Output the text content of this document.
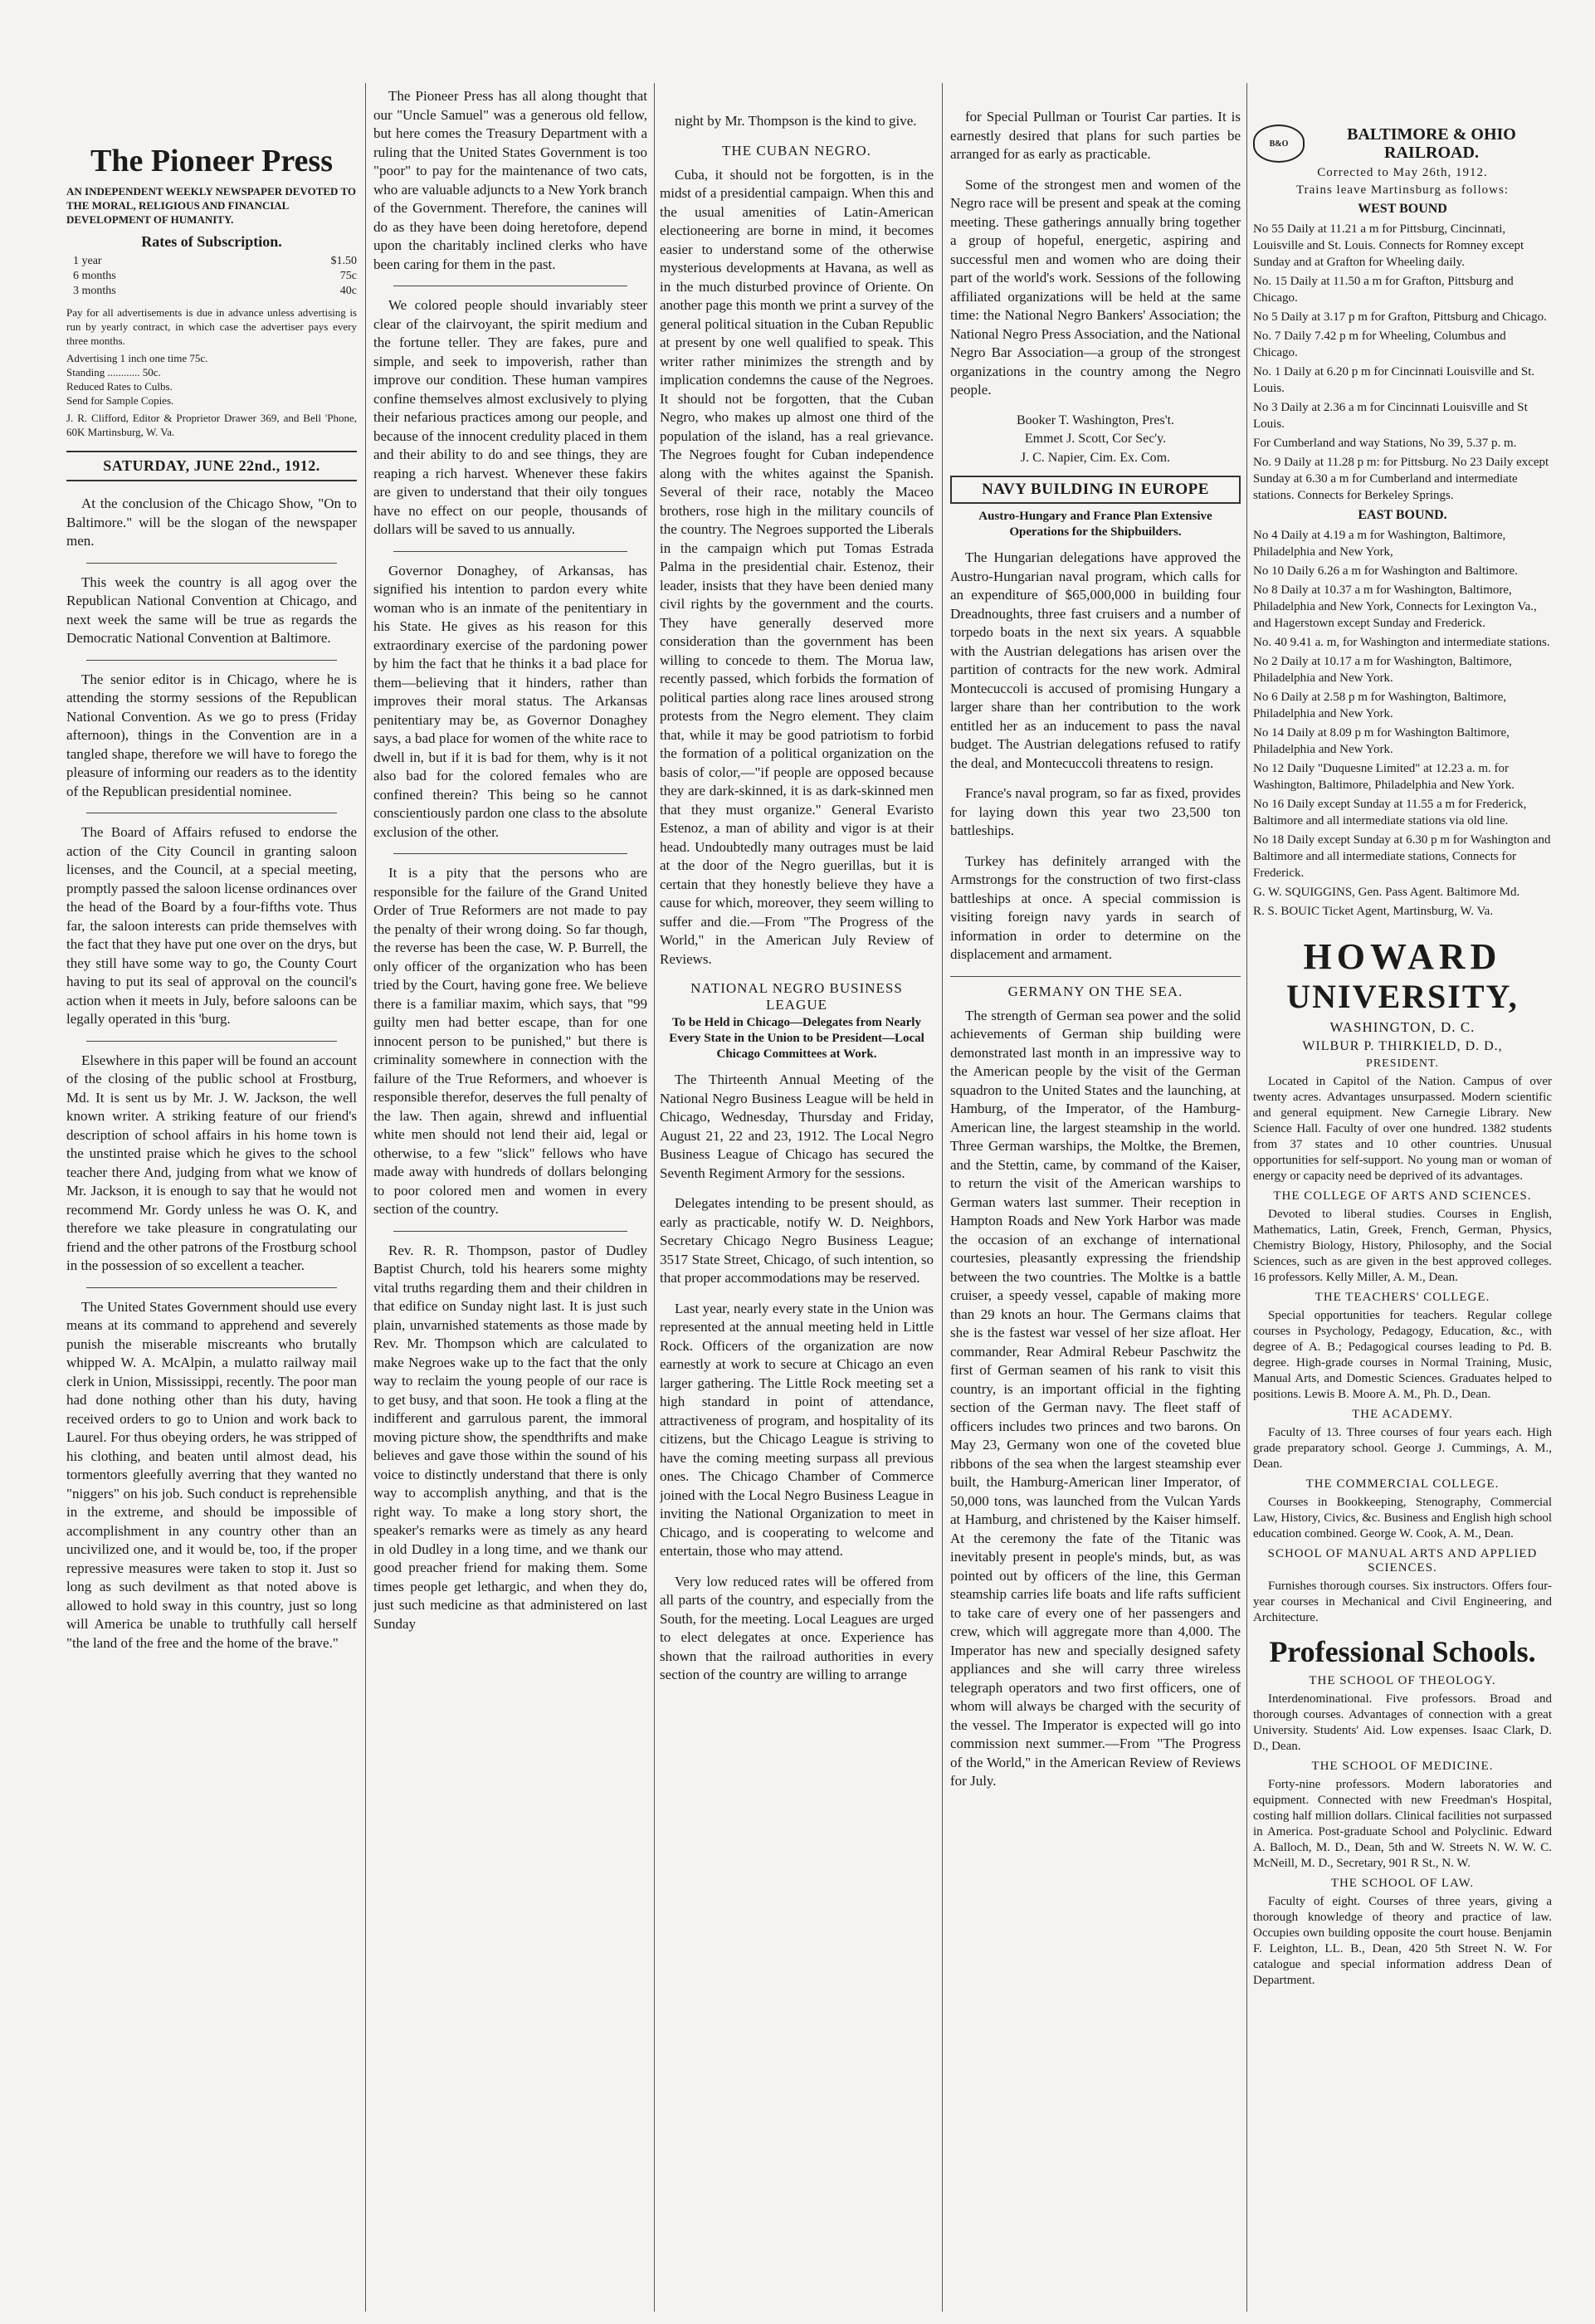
The Pioneer Press
AN INDEPENDENT WEEKLY NEWSPAPER DEVOTED TO THE MORAL, RELIGIOUS AND FINANCIAL DEVELOPMENT OF HUMANITY.
Rates of Subscription.
1 year	$1.50
6 months	75c
3 months	40c

Pay for all advertisements is due in advance unless advertising is run by yearly contract, in which case the advertiser pays every three months.

Advertising 1 inch one time 75c.

Standing ............ 50c.

Reduced Rates to Culbs.

Send for Sample Copies.

J. R. Clifford, Editor & Proprietor Drawer 369, and Bell 'Phone, 60K Martinsburg, W. Va.

SATURDAY, JUNE 22nd., 1912.

At the conclusion of the Chicago Show, "On to Baltimore." will be the slogan of the newspaper men.

This week the country is all agog over the Republican National Convention at Chicago, and next week the same will be true as regards the Democratic National Convention at Baltimore.

The senior editor is in Chicago, where he is attending the stormy sessions of the Republican National Convention. As we go to press (Friday afternoon), things in the Convention are in a tangled shape, therefore we will have to forego the pleasure of informing our readers as to the identity of the Republican presidential nominee.

The Board of Affairs refused to endorse the action of the City Council in granting saloon licenses, and the Council, at a special meeting, promptly passed the saloon license ordinances over the head of the Board by a four-fifths vote. Thus far, the saloon interests can pride themselves with the fact that they have put one over on the drys, but they still have some way to go, the County Court having to put its seal of approval on the council's action when it meets in July, before saloons can be legally operated in this 'burg.

Elsewhere in this paper will be found an account of the closing of the public school at Frostburg, Md. It is sent us by Mr. J. W. Jackson, the well known writer. A striking feature of our friend's description of school affairs in his home town is the unstinted praise which he gives to the school teacher there And, judging from what we know of Mr. Jackson, it is enough to say that he would not recommend Mr. Gordy unless he was O. K, and therefore we take pleasure in congratulating our friend and the other patrons of the Frostburg school in the possession of so excellent a teacher.

The United States Government should use every means at its command to apprehend and severely punish the miserable miscreants who brutally whipped W. A. McAlpin, a mulatto railway mail clerk in Union, Mississippi, recently. The poor man had done nothing other than his duty, having received orders to go to Union and work back to Laurel. For thus obeying orders, he was stripped of his clothing, and beaten until almost dead, his tormentors gleefully averring that they wanted no "niggers" on his job. Such conduct is reprehensible in the extreme, and should be impossible of accomplishment in any country other than an uncivilized one, and it would be, too, if the proper repressive measures were taken to stop it. Just so long as such devilment as that noted above is allowed to hold sway in this country, just so long will America be unable to truthfully call herself "the land of the free and the home of the brave."

The Pioneer Press has all along thought that our "Uncle Samuel" was a generous old fellow, but here comes the Treasury Department with a ruling that the United States Government is too "poor" to pay for the maintenance of two cats, who are valuable adjuncts to a New York branch of the Government. Therefore, the canines will do as they have been doing heretofore, depend upon the charitably inclined clerks who have been caring for them in the past.

We colored people should invariably steer clear of the clairvoyant, the spirit medium and the fortune teller. They are fakes, pure and simple, and seek to impoverish, rather than improve our condition. These human vampires confine themselves almost exclusively to plying their nefarious practices among our people, and because of the innocent credulity placed in them and their ability to do and see things, they are reaping a rich harvest. Whenever these fakirs are given to understand that their oily tongues have no effect on our people, thousands of dollars will be saved to us annually.

Governor Donaghey, of Arkansas, has signified his intention to pardon every white woman who is an inmate of the penitentiary in his State. He gives as his reason for this extraordinary exercise of the pardoning power by him the fact that he thinks it a bad place for them—believing that it hinders, rather than improves their moral status. The Arkansas penitentiary may be, as Governor Donaghey says, a bad place for women of the white race to dwell in, but if it is bad for them, why is it not also bad for the colored females who are confined therein? This being so he cannot conscientiously pardon one class to the absolute exclusion of the other.

It is a pity that the persons who are responsible for the failure of the Grand United Order of True Reformers are not made to pay the penalty of their wrong doing. So far though, the reverse has been the case, W. P. Burrell, the only officer of the organization who has been tried by the Court, having gone free. We believe there is a familiar maxim, which says, that "99 guilty men had better escape, than for one innocent person to be punished," but there is criminality somewhere in connection with the failure of the True Reformers, and whoever is responsible therefor, deserves the full penalty of the law. Then again, shrewd and influential white men should not lend their aid, legal or otherwise, to a few "slick" fellows who have made away with hundreds of dollars belonging to poor colored men and women in every section of the country.

Rev. R. R. Thompson, pastor of Dudley Baptist Church, told his hearers some mighty vital truths regarding them and their children in that edifice on Sunday night last. It is just such plain, unvarnished statements as those made by Rev. Mr. Thompson which are calculated to make Negroes wake up to the fact that the only way to reclaim the young people of our race is to get busy, and that soon. He took a fling at the indifferent and garrulous parent, the immoral moving picture show, the spendthrifts and make believes and gave those within the sound of his voice to distinctly understand that there is only way to accomplish anything, and that is the right way. To make a long story short, the speaker's remarks were as timely as any heard in old Dudley in a long time, and we thank our good preacher friend for making them. Some times people get lethargic, and when they do, just such medicine as that administered on last Sunday

night by Mr. Thompson is the kind to give.

THE CUBAN NEGRO.

Cuba, it should not be forgotten, is in the midst of a presidential campaign. When this and the usual amenities of Latin-American electioneering are borne in mind, it becomes easier to understand some of the otherwise mysterious developments at Havana, as well as in the much disturbed province of Oriente. On another page this month we print a survey of the general political situation in the Cuban Republic at present by one well qualified to speak. This writer rather minimizes the strength and by implication condemns the cause of the Negroes. It should not be forgotten, that the Cuban Negro, who makes up almost one third of the population of the island, has a real grievance. The Negroes fought for Cuban independence along with the whites against the Spanish. Several of their race, notably the Maceo brothers, rose high in the military councils of the country. The Negroes supported the Liberals in the campaign which put Tomas Estrada Palma in the presidential chair. Estenoz, their leader, insists that they have been denied many civil rights by the government and the courts. They have generally deserved more consideration than the government has been willing to concede to them. The Morua law, recently passed, which forbids the formation of political parties along race lines aroused strong protests from the Negro element. They claim that, while it may be good patriotism to forbid the formation of a political organization on the basis of color,—"if people are opposed because they are dark-skinned, it is as dark-skinned men that they must organize." General Evaristo Estenoz, a man of ability and vigor is at their head. Undoubtedly many outrages must be laid at the door of the Negro guerillas, but it is certain that they honestly believe they have a cause for which, moreover, they seem willing to suffer and die.—From "The Progress of the World," in the American July Review of Reviews.

NATIONAL NEGRO BUSINESS LEAGUE
To be Held in Chicago—Delegates from Nearly Every State in the Union to be President—Local Chicago Committees at Work.

The Thirteenth Annual Meeting of the National Negro Business League will be held in Chicago, Wednesday, Thursday and Friday, August 21, 22 and 23, 1912. The Local Negro Business League of Chicago has secured the Seventh Regiment Armory for the sessions.

Delegates intending to be present should, as early as practicable, notify W. D. Neighbors, Secretary Chicago Negro Business League; 3517 State Street, Chicago, of such intention, so that proper accommodations may be reserved.

Last year, nearly every state in the Union was represented at the annual meeting held in Little Rock. Officers of the organization are now earnestly at work to secure at Chicago an even larger gathering. The Little Rock meeting set a high standard in point of attendance, attractiveness of program, and hospitality of its citizens, but the Chicago League is striving to have the coming meeting surpass all previous ones. The Chicago Chamber of Commerce joined with the Local Negro Business League in inviting the National Organization to meet in Chicago, and is cooperating to welcome and entertain, those who may attend.

Very low reduced rates will be offered from all parts of the country, and especially from the South, for the meeting. Local Leagues are urged to elect delegates at once. Experience has shown that the railroad authorities in every section of the country are willing to arrange

for Special Pullman or Tourist Car parties. It is earnestly desired that plans for such parties be arranged for as early as practicable.

Some of the strongest men and women of the Negro race will be present and speak at the coming meeting. These gatherings annually bring together a group of hopeful, energetic, aspiring and successful men and women who are doing their part of the world's work. Sessions of the following affiliated organizations will be held at the same time: the National Negro Bankers' Association; the National Negro Press Association, and the National Negro Bar Association—a group of the strongest organizations in the country among the Negro people.

Booker T. Washington, Pres't.

Emmet J. Scott, Cor Sec'y.

J. C. Napier, Cim. Ex. Com.

NAVY BUILDING IN EUROPE
Austro-Hungary and France Plan Extensive Operations for the Shipbuilders.

The Hungarian delegations have approved the Austro-Hungarian naval program, which calls for an expenditure of $65,000,000 in building four Dreadnoughts, three fast cruisers and a number of torpedo boats in the next six years. A squabble with the Austrian delegations has arisen over the partition of contracts for the new work. Admiral Montecuccoli is accused of promising Hungary a larger share than her contribution to the work entitled her as an inducement to pass the naval budget. The Austrian delegations refused to ratify the deal, and Montecuccoli threatens to resign.

France's naval program, so far as fixed, provides for laying down this year two 23,500 ton battleships.

Turkey has definitely arranged with the Armstrongs for the construction of two first-class battleships at once. A special commission is visiting foreign navy yards in search of information in order to determine on the displacement and armament.

GERMANY ON THE SEA.

The strength of German sea power and the solid achievements of German ship building were demonstrated last month in an impressive way to the American people by the visit of the German squadron to the United States and the launching, at Hamburg, of the Imperator, of the Hamburg-American line, the largest steamship in the world. Three German warships, the Moltke, the Bremen, and the Stettin, came, by command of the Kaiser, to return the visit of the American warships to German waters last summer. Their reception in Hampton Roads and New York Harbor was made the occasion of an exchange of international courtesies, pleasantly expressing the friendship between the two countries. The Moltke is a battle cruiser, a speedy vessel, capable of making more than 29 knots an hour. The Germans claims that she is the fastest war vessel of her size afloat. Her commander, Rear Admiral Rebeur Paschwitz the first of German seamen of his rank to visit this country, is an important official in the fighting section of the German navy. The fleet staff of officers includes two princes and two barons. On May 23, Germany won one of the coveted blue ribbons of the sea when the largest steamship ever built, the Hamburg-American liner Imperator, of 50,000 tons, was launched from the Vulcan Yards at Hamburg, and christened by the Kaiser himself. At the ceremony the fate of the Titanic was inevitably present in people's minds, but, as was pointed out by officers of the line, this German steamship carries life boats and life rafts sufficient to take care of every one of her passengers and crew, which will aggregate more than 4,000. The Imperator has new and specially designed safety appliances and she will carry three wireless telegraph operators and two first officers, one of whom will always be charged with the security of the vessel. The Imperator is expected will go into commission next summer.—From "The Progress of the World," in the American Review of Reviews for July.

B&O	BALTIMORE & OHIO RAILROAD.
Corrected to May 26th, 1912.
Trains leave Martinsburg as follows:
WEST BOUND

No 55 Daily at 11.21 a m for Pittsburg, Cincinnati, Louisville and St. Louis. Connects for Romney except Sunday and at Grafton for Wheeling daily.

No. 15 Daily at 11.50 a m for Grafton, Pittsburg and Chicago.

No 5 Daily at 3.17 p m for Grafton, Pittsburg and Chicago.

No. 7 Daily 7.42 p m for Wheeling, Columbus and Chicago.

No. 1 Daily at 6.20 p m for Cincinnati Louisville and St. Louis.

No 3 Daily at 2.36 a m for Cincinnati Louisville and St Louis.

For Cumberland and way Stations, No 39, 5.37 p. m.

No. 9 Daily at 11.28 p m: for Pittsburg. No 23 Daily except Sunday at 6.30 a m for Cumberland and intermediate stations. Connects for Berkeley Springs.

EAST BOUND.

No 4 Daily at 4.19 a m for Washington, Baltimore, Philadelphia and New York,

No 10 Daily 6.26 a m for Washington and Baltimore.

No 8 Daily at 10.37 a m for Washington, Baltimore, Philadelphia and New York, Connects for Lexington Va., and Hagerstown except Sunday and Frederick.

No. 40 9.41 a. m, for Washington and intermediate stations.

No 2 Daily at 10.17 a m for Washington, Baltimore, Philadelphia and New York.

No 6 Daily at 2.58 p m for Washington, Baltimore, Philadelphia and New York.

No 14 Daily at 8.09 p m for Washington Baltimore, Philadelphia and New York.

No 12 Daily "Duquesne Limited" at 12.23 a. m. for Washington, Baltimore, Philadelphia and New York.

No 16 Daily except Sunday at 11.55 a m for Frederick, Baltimore and all intermediate stations via old line.

No 18 Daily except Sunday at 6.30 p m for Washington and Baltimore and all intermediate stations, Connects for Frederick.

G. W. SQUIGGINS, Gen. Pass Agent. Baltimore Md.

R. S. BOUIC Ticket Agent, Martinsburg, W. Va.

HOWARD
UNIVERSITY,
WASHINGTON, D. C.
WILBUR P. THIRKIELD, D. D.,
PRESIDENT.

Located in Capitol of the Nation. Campus of over twenty acres. Advantages unsurpassed. Modern scientific and general equipment. New Carnegie Library. New Science Hall. Faculty of over one hundred. 1382 students from 37 states and 10 other countries. Unusual opportunities for self-support. No young man or woman of energy or capacity need be deprived of its advantages.

THE COLLEGE OF ARTS AND SCIENCES.

Devoted to liberal studies. Courses in English, Mathematics, Latin, Greek, French, German, Physics, Chemistry Biology, History, Philosophy, and the Social Sciences, such as are given in the best approved colleges. 16 professors. Kelly Miller, A. M., Dean.

THE TEACHERS' COLLEGE.

Special opportunities for teachers. Regular college courses in Psychology, Pedagogy, Education, &c., with degree of A. B.; Pedagogical courses leading to Pd. B. degree. High-grade courses in Normal Training, Music, Manual Arts, and Domestic Sciences. Graduates helped to positions. Lewis B. Moore A. M., Ph. D., Dean.

THE ACADEMY.

Faculty of 13. Three courses of four years each. High grade preparatory school. George J. Cummings, A. M., Dean.

THE COMMERCIAL COLLEGE.

Courses in Bookkeeping, Stenography, Commercial Law, History, Civics, &c. Business and English high school education combined. George W. Cook, A. M., Dean.

SCHOOL OF MANUAL ARTS AND APPLIED SCIENCES.

Furnishes thorough courses. Six instructors. Offers four-year courses in Mechanical and Civil Engineering, and Architecture.

Professional Schools.
THE SCHOOL OF THEOLOGY.

Interdenominational. Five professors. Broad and thorough courses. Advantages of connection with a great University. Students' Aid. Low expenses. Isaac Clark, D. D., Dean.

THE SCHOOL OF MEDICINE.

Forty-nine professors. Modern laboratories and equipment. Connected with new Freedman's Hospital, costing half million dollars. Clinical facilities not surpassed in America. Post-graduate School and Polyclinic. Edward A. Balloch, M. D., Dean, 5th and W. Streets N. W. W. C. McNeill, M. D., Secretary, 901 R St., N. W.

THE SCHOOL OF LAW.

Faculty of eight. Courses of three years, giving a thorough knowledge of theory and practice of law. Occupies own building opposite the court house. Benjamin F. Leighton, LL. B., Dean, 420 5th Street N. W. For catalogue and special information address Dean of Department.
